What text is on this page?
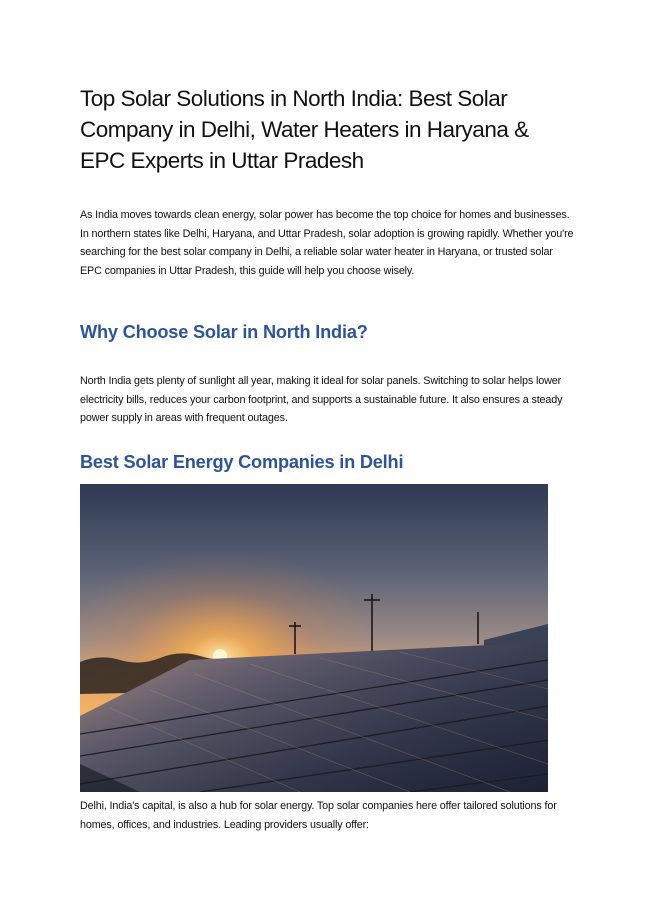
Top Solar Solutions in North India: Best Solar Company in Delhi, Water Heaters in Haryana & EPC Experts in Uttar Pradesh

As India moves towards clean energy, solar power has become the top choice for homes and businesses. In northern states like Delhi, Haryana, and Uttar Pradesh, solar adoption is growing rapidly. Whether you're searching for the best solar company in Delhi, a reliable solar water heater in Haryana, or trusted solar EPC companies in Uttar Pradesh, this guide will help you choose wisely.

Why Choose Solar in North India?

North India gets plenty of sunlight all year, making it ideal for solar panels. Switching to solar helps lower electricity bills, reduces your carbon footprint, and supports a sustainable future. It also ensures a steady power supply in areas with frequent outages.

Best Solar Energy Companies in Delhi

Delhi, India's capital, is also a hub for solar energy. Top solar companies here offer tailored solutions for homes, offices, and industries. Leading providers usually offer:
